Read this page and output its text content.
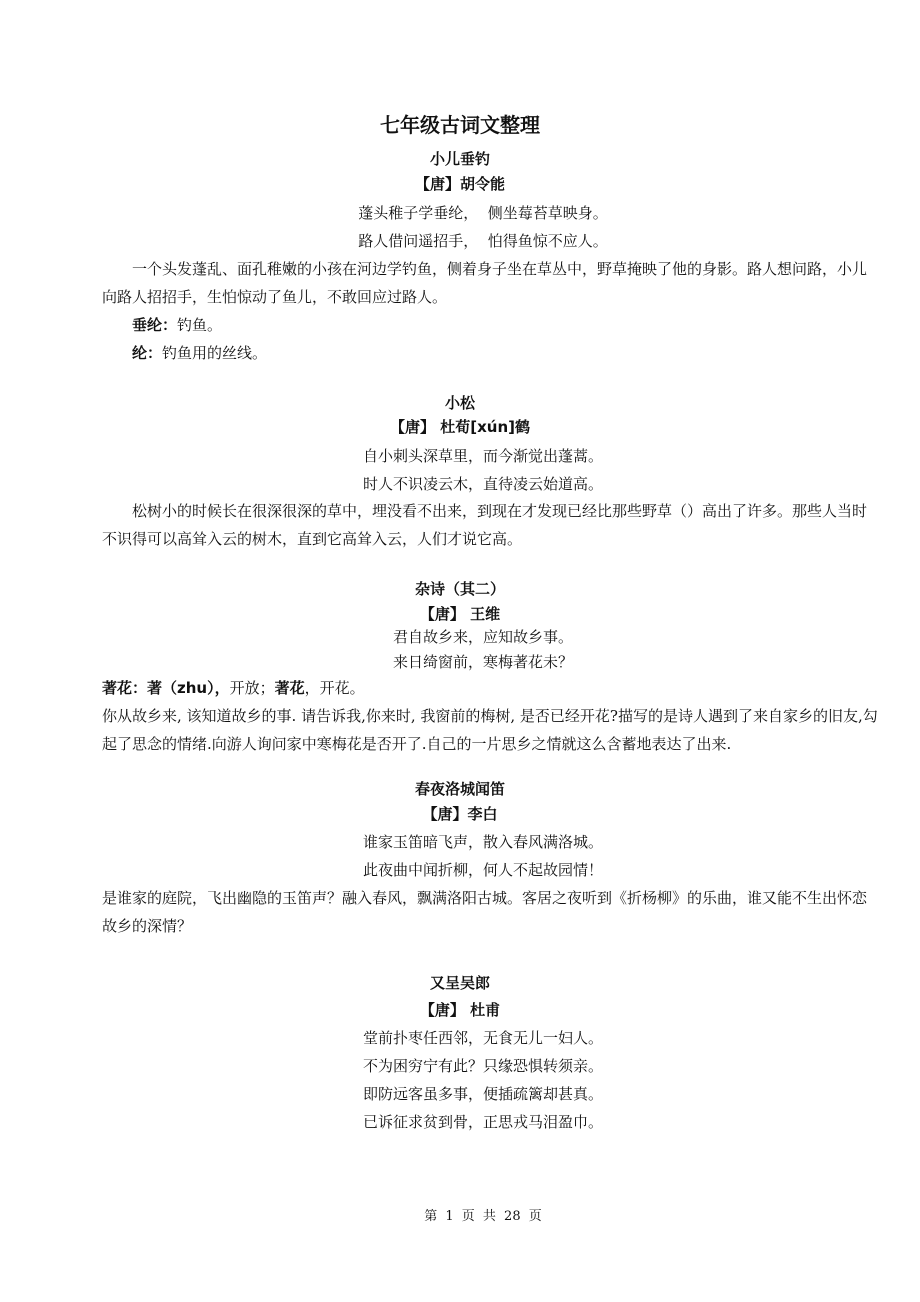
七年级古词文整理
小儿垂钓
【唐】胡令能
蓬头稚子学垂纶，  侧坐莓苔草映身。
路人借问遥招手，  怕得鱼惊不应人。
一个头发蓬乱、面孔稚嫩的小孩在河边学钓鱼，侧着身子坐在草丛中，野草掩映了他的身影。路人想问路，小儿向路人招招手，生怕惊动了鱼儿，不敢回应过路人。
垂纶：钓鱼。
纶：钓鱼用的丝线。
小松
【唐】 杜荀[xún]鹤
自小刺头深草里，而今渐觉出蓬蒿。
时人不识凌云木，直待凌云始道高。
松树小的时候长在很深很深的草中，埋没看不出来，到现在才发现已经比那些野草（）高出了许多。那些人当时不识得可以高耸入云的树木，直到它高耸入云，人们才说它高。
杂诗（其二）
【唐】 王维
君自故乡来，应知故乡事。
来日绮窗前，寒梅著花未？
著花：著（zhu），开放；著花，开花。
你从故乡来, 该知道故乡的事. 请告诉我,你来时, 我窗前的梅树, 是否已经开花?描写的是诗人遇到了来自家乡的旧友,勾起了思念的情绪.向游人询问家中寒梅花是否开了.自己的一片思乡之情就这么含蓄地表达了出来.
春夜洛城闻笛
【唐】李白
谁家玉笛暗飞声，散入春风满洛城。
此夜曲中闻折柳，何人不起故园情！
是谁家的庭院，飞出幽隐的玉笛声？融入春风，飘满洛阳古城。客居之夜听到《折杨柳》的乐曲，谁又能不生出怀恋故乡的深情？
又呈吴郎
【唐】 杜甫
堂前扑枣任西邻，无食无儿一妇人。
不为困穷宁有此？只缘恐惧转须亲。
即防远客虽多事，便插疏篱却甚真。
已诉征求贫到骨，正思戎马泪盈巾。
第 1 页 共 28 页
